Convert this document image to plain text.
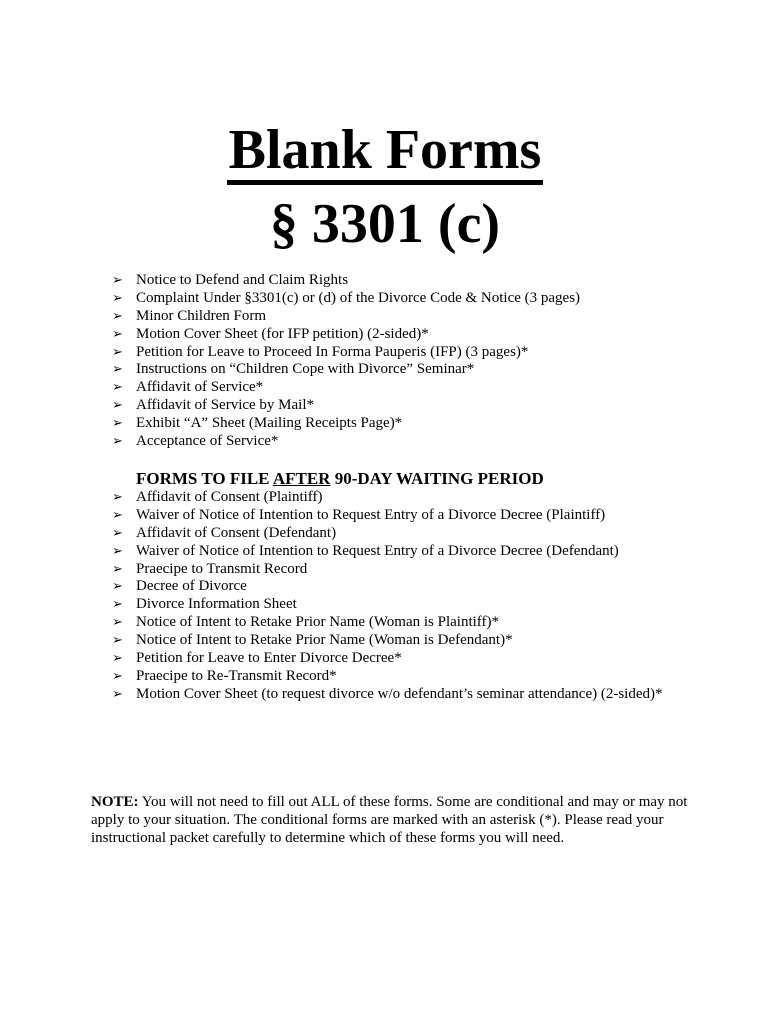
Blank Forms
§ 3301 (c)
➢ Notice to Defend and Claim Rights
➢ Complaint Under §3301(c) or (d) of the Divorce Code & Notice (3 pages)
➢ Minor Children Form
➢ Motion Cover Sheet (for IFP petition) (2-sided)*
➢ Petition for Leave to Proceed In Forma Pauperis (IFP) (3 pages)*
➢ Instructions on “Children Cope with Divorce” Seminar*
➢ Affidavit of Service*
➢ Affidavit of Service by Mail*
➢ Exhibit “A” Sheet (Mailing Receipts Page)*
➢ Acceptance of Service*
FORMS TO FILE AFTER 90-DAY WAITING PERIOD
➢ Affidavit of Consent (Plaintiff)
➢ Waiver of Notice of Intention to Request Entry of a Divorce Decree (Plaintiff)
➢ Affidavit of Consent (Defendant)
➢ Waiver of Notice of Intention to Request Entry of a Divorce Decree (Defendant)
➢ Praecipe to Transmit Record
➢ Decree of Divorce
➢ Divorce Information Sheet
➢ Notice of Intent to Retake Prior Name (Woman is Plaintiff)*
➢ Notice of Intent to Retake Prior Name (Woman is Defendant)*
➢ Petition for Leave to Enter Divorce Decree*
➢ Praecipe to Re-Transmit Record*
➢ Motion Cover Sheet (to request divorce w/o defendant’s seminar attendance) (2-sided)*

NOTE: You will not need to fill out ALL of these forms. Some are conditional and may or may not apply to your situation. The conditional forms are marked with an asterisk (*). Please read your instructional packet carefully to determine which of these forms you will need.
